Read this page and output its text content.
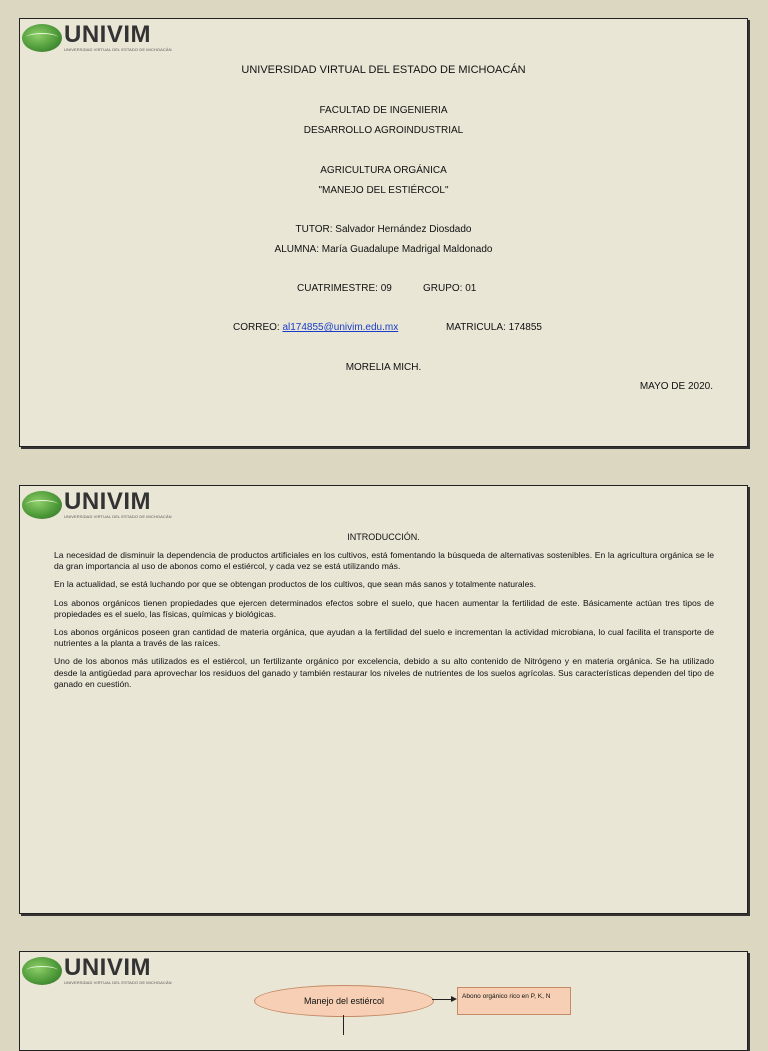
UNIVIM
UNIVERSIDAD VIRTUAL DEL ESTADO DE MICHOACÁN
UNIVERSIDAD VIRTUAL DEL ESTADO DE MICHOACÁN
FACULTAD DE INGENIERIA
DESARROLLO AGROINDUSTRIAL
AGRICULTURA ORGÁNICA
"MANEJO DEL ESTIÉRCOL"
TUTOR: Salvador Hernández Diosdado
ALUMNA: María Guadalupe Madrigal Maldonado
CUATRIMESTRE: 09	GRUPO: 01
CORREO: al174855@univim.edu.mx	MATRICULA: 174855
MORELIA MICH.
MAYO DE 2020.
UNIVIM
UNIVERSIDAD VIRTUAL DEL ESTADO DE MICHOACÁN
INTRODUCCIÓN.

La necesidad de disminuir la dependencia de productos artificiales en los cultivos, está fomentando la búsqueda de alternativas sostenibles. En la agricultura orgánica se le da gran importancia al uso de abonos como el estiércol, y cada vez se está utilizando más.

En la actualidad, se está luchando por que se obtengan productos de los cultivos, que sean más sanos y totalmente naturales.

Los abonos orgánicos tienen propiedades que ejercen determinados efectos sobre el suelo, que hacen aumentar la fertilidad de este. Básicamente actúan tres tipos de propiedades es el suelo, las físicas, químicas y biológicas.

Los abonos orgánicos poseen gran cantidad de materia orgánica, que ayudan a la fertilidad del suelo e incrementan la actividad microbiana, lo cual facilita el transporte de nutrientes a la planta a través de las raíces.

Uno de los abonos más utilizados es el estiércol, un fertilizante orgánico por excelencia, debido a su alto contenido de Nitrógeno y en materia orgánica. Se ha utilizado desde la antigüedad para aprovechar los residuos del ganado y también restaurar los niveles de nutrientes de los suelos agrícolas. Sus características dependen del tipo de ganado en cuestión.

UNIVIM
UNIVERSIDAD VIRTUAL DEL ESTADO DE MICHOACÁN
Manejo del estiércol	Abono orgánico rico en P, K, N
